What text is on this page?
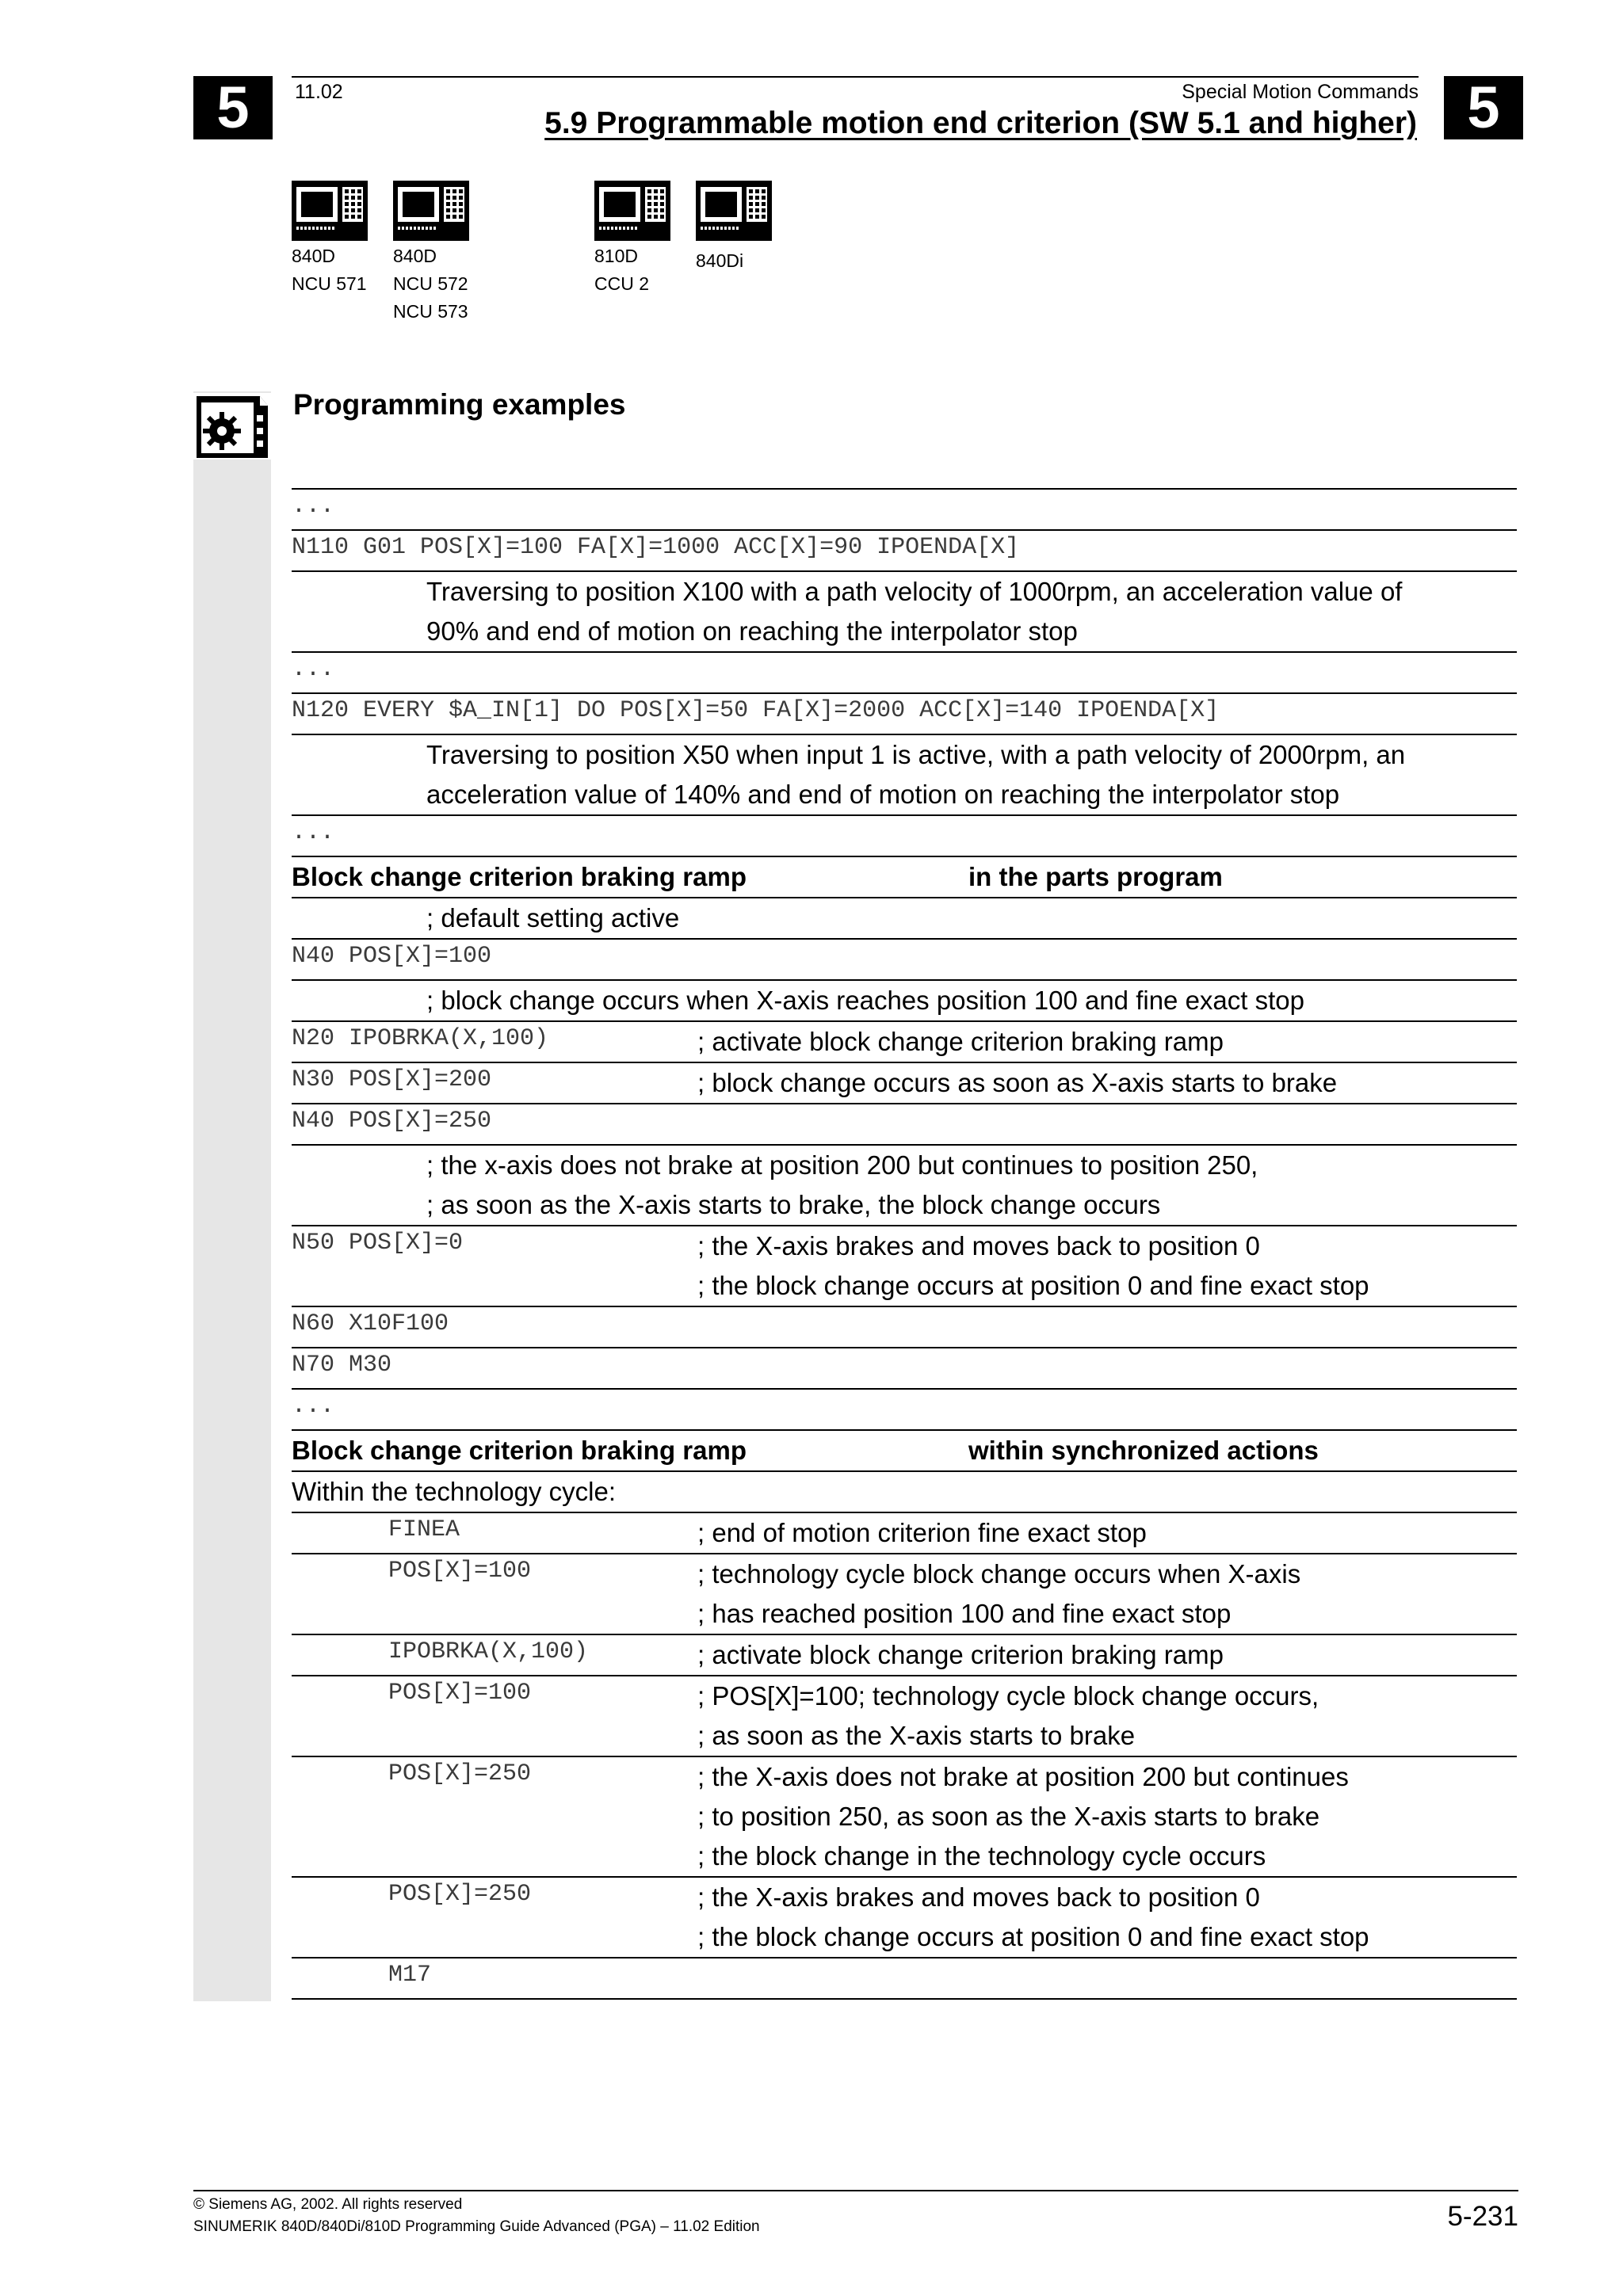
5	5
11.02	Special Motion Commands
5.9 Programmable motion end criterion (SW 5.1 and higher)
840D
NCU 571
840D
NCU 572
NCU 573
810D
CCU 2
840Di
Programming examples
...
N110 G01 POS[X]=100 FA[X]=1000 ACC[X]=90 IPOENDA[X]
Traversing to position X100 with a path velocity of 1000rpm, an acceleration value of
90% and end of motion on reaching the interpolator stop
...
N120 EVERY $A_IN[1] DO POS[X]=50 FA[X]=2000 ACC[X]=140 IPOENDA[X]
Traversing to position X50 when input 1 is active, with a path velocity of 2000rpm, an
acceleration value of 140% and end of motion on reaching the interpolator stop
...
Block change criterion braking ramp	in the parts program
; default setting active
N40 POS[X]=100
; block change occurs when X-axis reaches position 100 and fine exact stop
N20 IPOBRKA(X,100)	; activate block change criterion braking ramp
N30 POS[X]=200	; block change occurs as soon as X-axis starts to brake
N40 POS[X]=250
; the x-axis does not brake at position 200 but continues to position 250,
; as soon as the X-axis starts to brake, the block change occurs
N50 POS[X]=0	; the X-axis brakes and moves back to position 0
; the block change occurs at position 0 and fine exact stop
N60 X10F100
N70 M30
...
Block change criterion braking ramp	within synchronized actions
Within the technology cycle:
FINEA	; end of motion criterion fine exact stop
POS[X]=100	; technology cycle block change occurs when X-axis
; has reached position 100 and fine exact stop
IPOBRKA(X,100)	; activate block change criterion braking ramp
POS[X]=100	; POS[X]=100; technology cycle block change occurs,
; as soon as the X-axis starts to brake
POS[X]=250	; the X-axis does not brake at position 200 but continues
; to position 250, as soon as the X-axis starts to brake
; the block change in the technology cycle occurs
POS[X]=250	; the X-axis brakes and moves back to position 0
; the block change occurs at position 0 and fine exact stop
M17
© Siemens AG, 2002. All rights reserved
SINUMERIK 840D/840Di/810D Programming Guide Advanced (PGA) – 11.02 Edition	5-231
